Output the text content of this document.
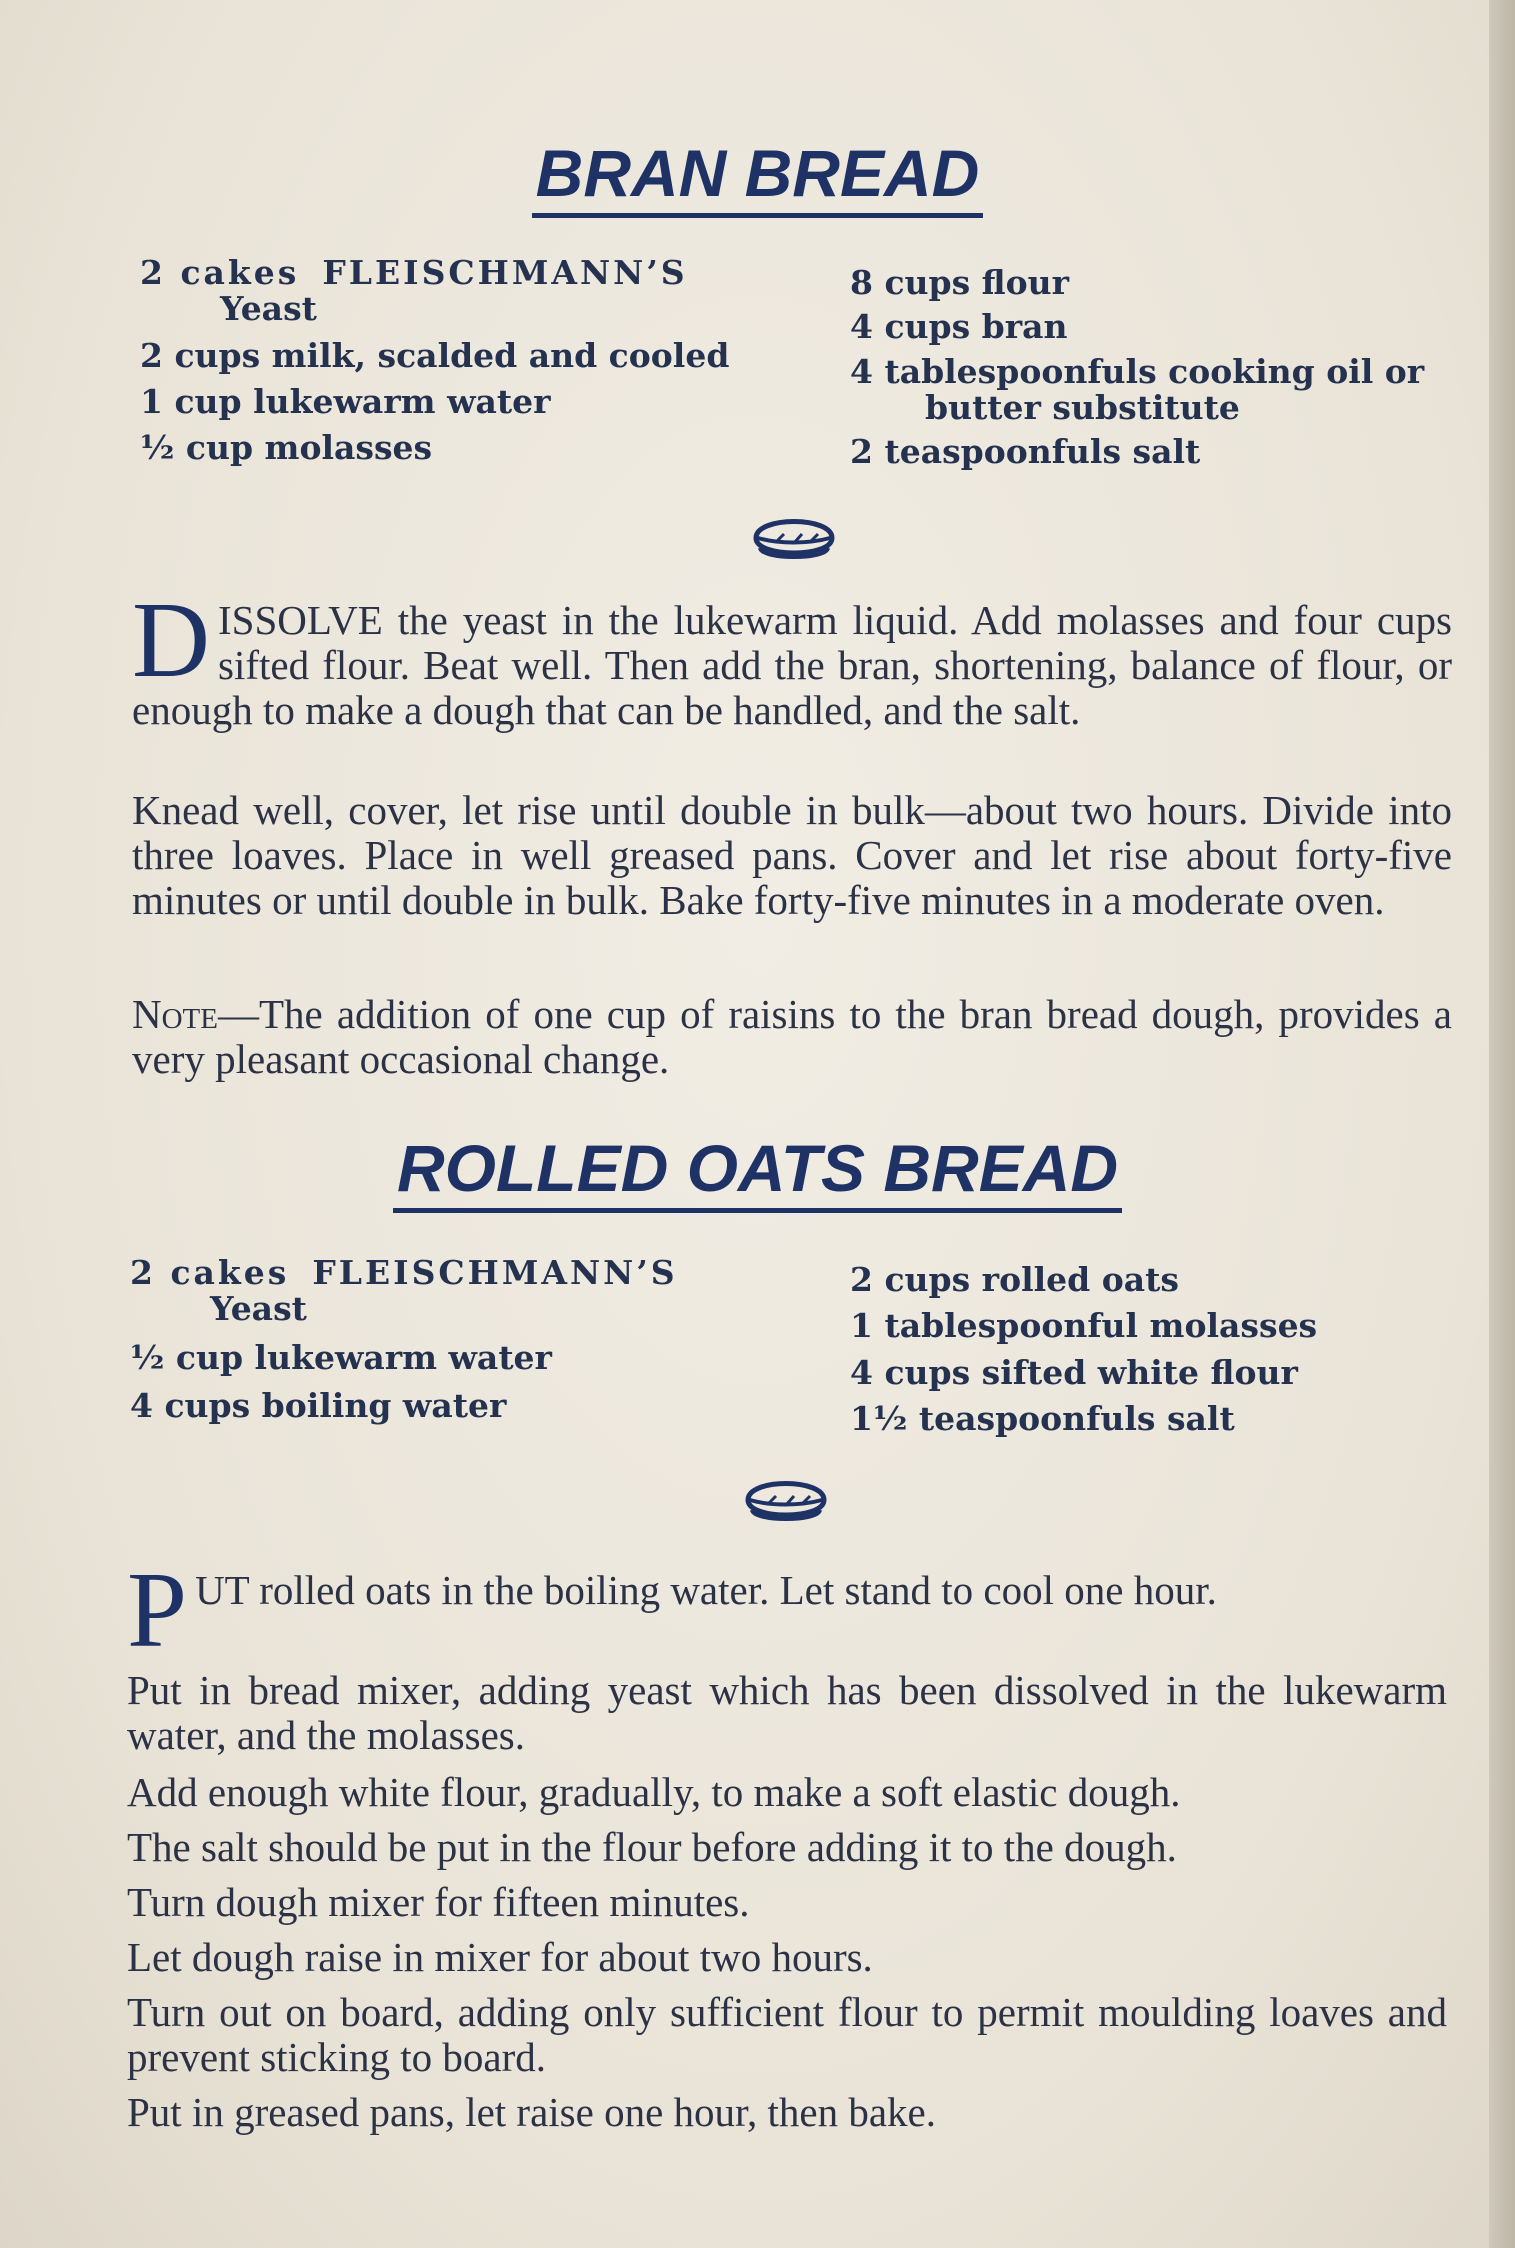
BRAN BREAD
2 cakes FLEISCHMANN’S
Yeast
2 cups milk, scalded and cooled
1 cup lukewarm water
½ cup molasses
8 cups flour
4 cups bran
4 tablespoonfuls cooking oil or
butter substitute
2 teaspoonfuls salt
DISSOLVE the yeast in the lukewarm liquid. Add molasses and four cups sifted flour. Beat well. Then add the bran, shortening, balance of flour, or enough to make a dough that can be handled, and the salt.
Knead well, cover, let rise until double in bulk—about two hours. Divide into three loaves. Place in well greased pans. Cover and let rise about forty-five minutes or until double in bulk. Bake forty-five minutes in a moderate oven.
Note—The addition of one cup of raisins to the bran bread dough, provides a very pleasant occasional change.
ROLLED OATS BREAD
2 cakes FLEISCHMANN’S
Yeast
½ cup lukewarm water
4 cups boiling water
2 cups rolled oats
1 tablespoonful molasses
4 cups sifted white flour
1½ teaspoonfuls salt
PUT rolled oats in the boiling water. Let stand to cool one hour.
Put in bread mixer, adding yeast which has been dissolved in the lukewarm water, and the molasses.
Add enough white flour, gradually, to make a soft elastic dough.
The salt should be put in the flour before adding it to the dough.
Turn dough mixer for fifteen minutes.
Let dough raise in mixer for about two hours.
Turn out on board, adding only sufficient flour to permit moulding loaves and prevent sticking to board.
Put in greased pans, let raise one hour, then bake.
